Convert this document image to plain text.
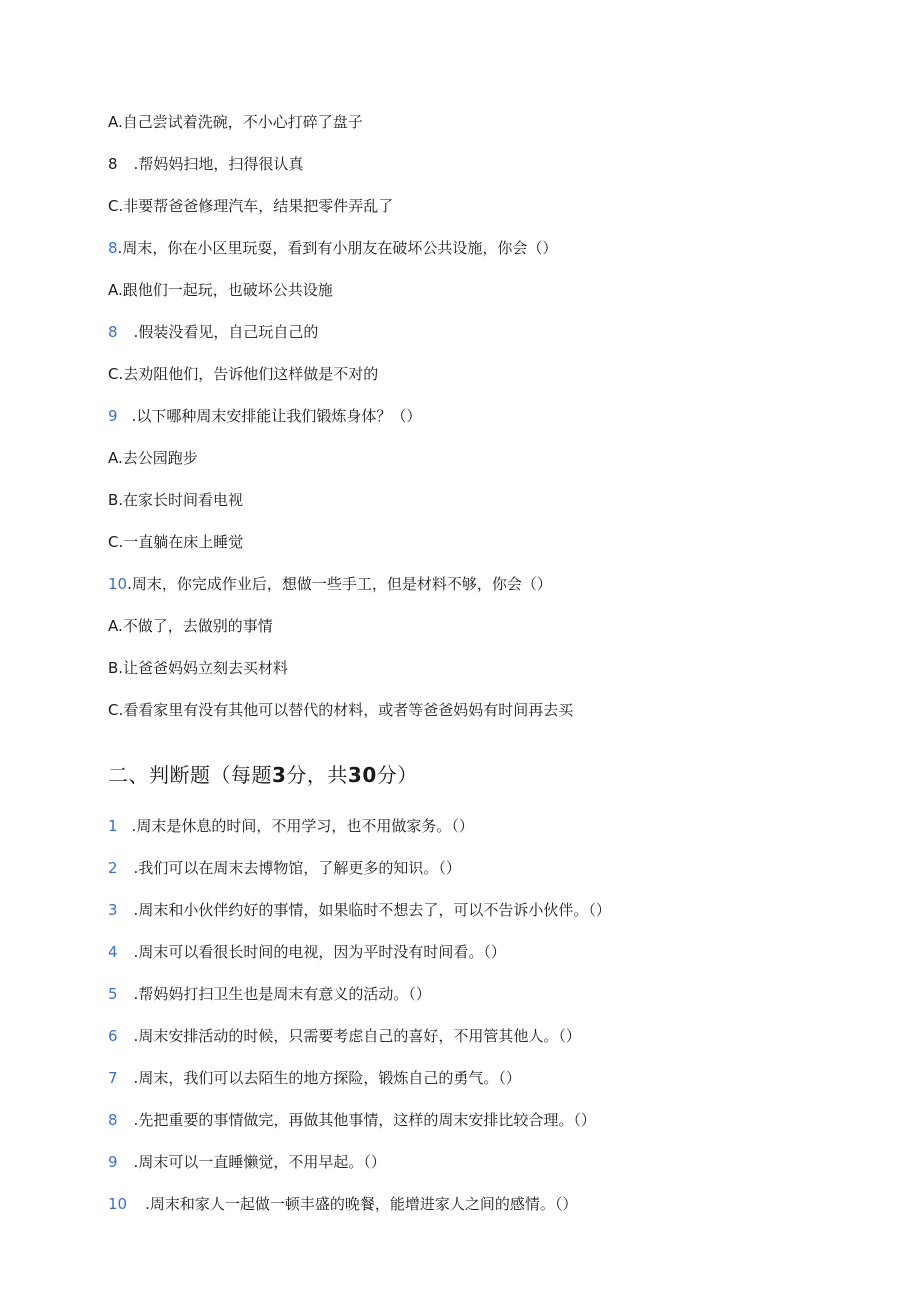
A.自己尝试着洗碗，不小心打碎了盘子
8 .帮妈妈扫地，扫得很认真
C.非要帮爸爸修理汽车，结果把零件弄乱了
8.周末，你在小区里玩耍，看到有小朋友在破坏公共设施，你会（）
A.跟他们一起玩，也破坏公共设施
8 .假装没看见，自己玩自己的
C.去劝阻他们，告诉他们这样做是不对的
9 .以下哪种周末安排能让我们锻炼身体？（）
A.去公园跑步
B.在家长时间看电视
C.一直躺在床上睡觉
10.周末，你完成作业后，想做一些手工，但是材料不够，你会（）
A.不做了，去做别的事情
B.让爸爸妈妈立刻去买材料
C.看看家里有没有其他可以替代的材料，或者等爸爸妈妈有时间再去买
二、判断题（每题3分，共30分）
1 .周末是休息的时间，不用学习，也不用做家务。（）
2 .我们可以在周末去博物馆，了解更多的知识。（）
3 .周末和小伙伴约好的事情，如果临时不想去了，可以不告诉小伙伴。（）
4 .周末可以看很长时间的电视，因为平时没有时间看。（）
5 .帮妈妈打扫卫生也是周末有意义的活动。（）
6 .周末安排活动的时候，只需要考虑自己的喜好，不用管其他人。（）
7 .周末，我们可以去陌生的地方探险，锻炼自己的勇气。（）
8 .先把重要的事情做完，再做其他事情，这样的周末安排比较合理。（）
9 .周末可以一直睡懒觉，不用早起。（）
10 .周末和家人一起做一顿丰盛的晚餐，能增进家人之间的感情。（）
